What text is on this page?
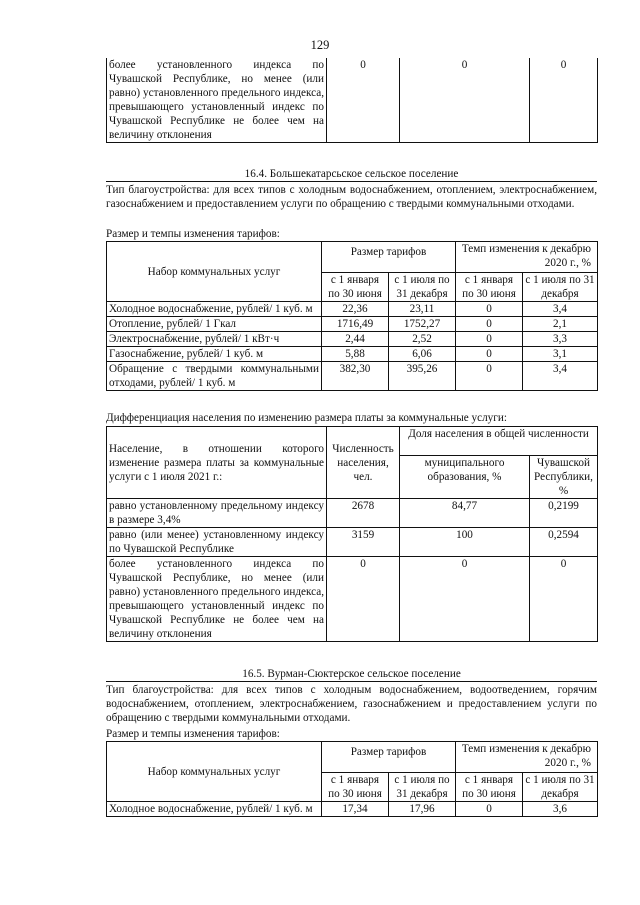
129
более установленного индекса по Чувашской Республике, но менее (или равно) установленного предельного индекса, превышающего установленный индекс по Чувашской Республике не более чем на величину отклонения	0	0	0
16.4. Большекатарсьское сельское поселение
Тип благоустройства: для всех типов с холодным водоснабжением, отоплением, электроснабжением, газоснабжением и предоставлением услуги по обращению с твердыми коммунальными отходами.
Размер и темпы изменения тарифов:
Набор коммунальных услуг	Размер тарифов		Темп изменения к декабрю 2020 г., %	
	с 1 января по 30 июня	с 1 июля по 31 декабря	с 1 января по 30 июня	с 1 июля по 31 декабря
Холодное водоснабжение, рублей/ 1 куб. м	22,36	23,11	0	3,4
Отопление, рублей/ 1 Гкал	1716,49	1752,27	0	2,1
Электроснабжение, рублей/ 1 кВт·ч	2,44	2,52	0	3,3
Газоснабжение, рублей/ 1 куб. м	5,88	6,06	0	3,1
Обращение с твердыми коммунальными отходами, рублей/ 1 куб. м	382,30	395,26	0	3,4
Дифференциация населения по изменению размера платы за коммунальные услуги:
Население, в отношении которого изменение размера платы за коммунальные услуги с 1 июля 2021 г.:	Численность населения, чел.	Доля населения в общей численности	
		муниципального образования, %	Чувашской Республики, %
равно установленному предельному индексу в размере 3,4%	2678	84,77	0,2199
равно (или менее) установленному индексу по Чувашской Республике	3159	100	0,2594
более установленного индекса по Чувашской Республике, но менее (или равно) установленного предельного индекса, превышающего установленный индекс по Чувашской Республике не более чем на величину отклонения	0	0	0
16.5. Вурман-Сюктерское сельское поселение
Тип благоустройства: для всех типов с холодным водоснабжением, водоотведением, горячим водоснабжением, отоплением, электроснабжением, газоснабжением и предоставлением услуги по обращению с твердыми коммунальными отходами.
Размер и темпы изменения тарифов:
Набор коммунальных услуг	Размер тарифов		Темп изменения к декабрю 2020 г., %	
	с 1 января по 30 июня	с 1 июля по 31 декабря	с 1 января по 30 июня	с 1 июля по 31 декабря
Холодное водоснабжение, рублей/ 1 куб. м	17,34	17,96	0	3,6
